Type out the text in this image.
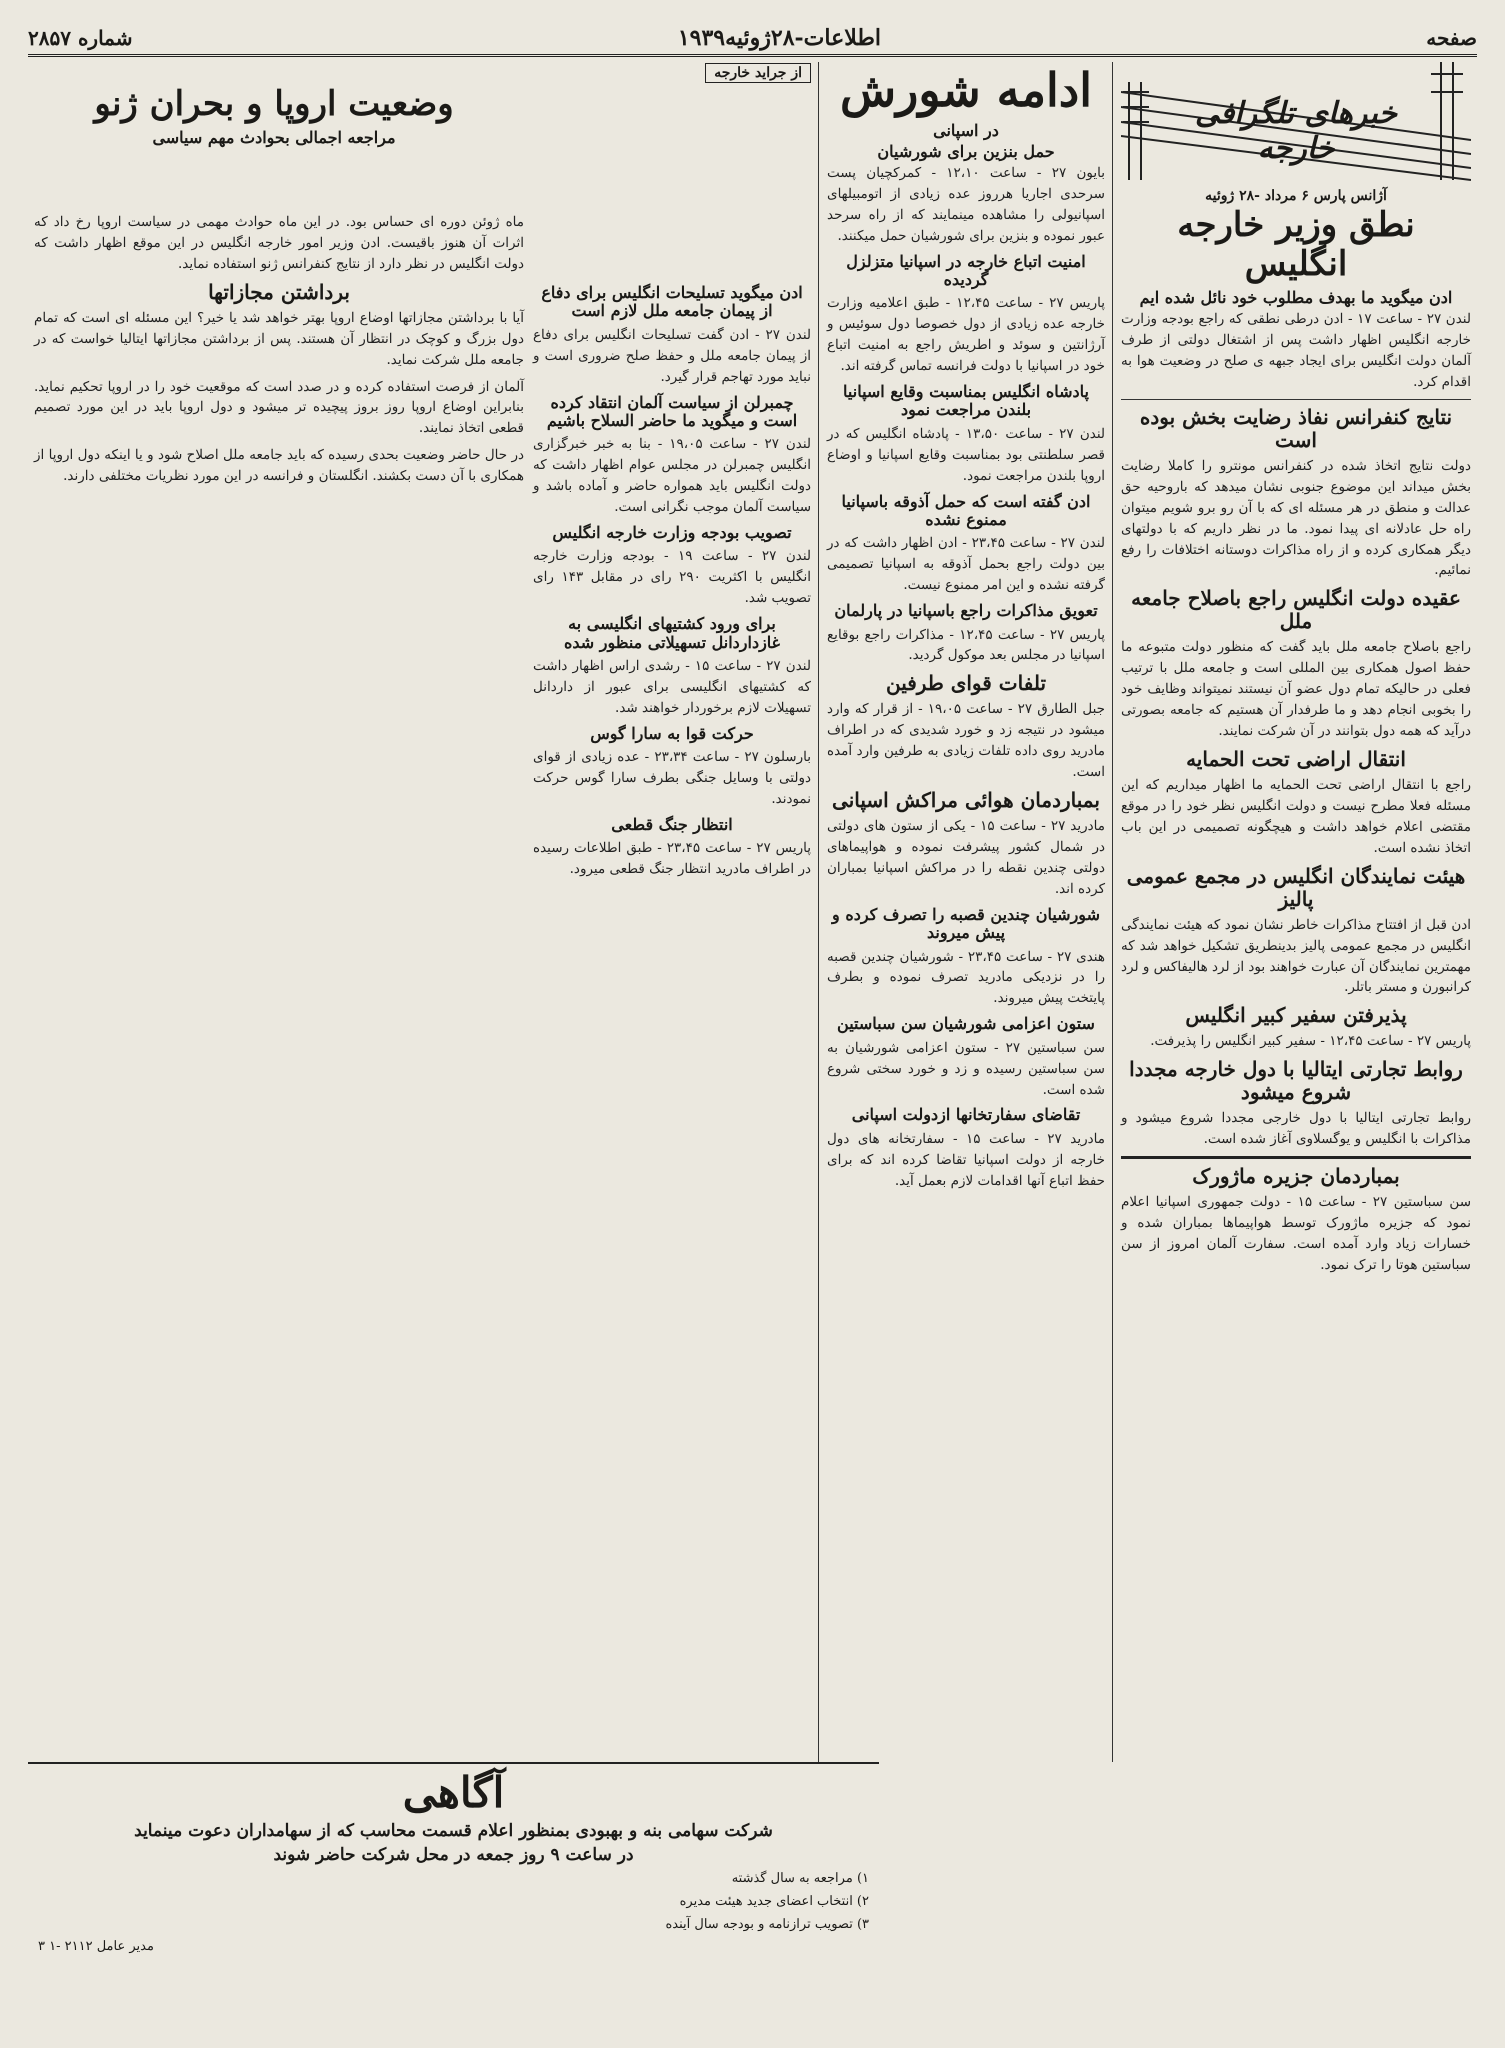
صفحه
اطلاعات-۲۸ژوئیه۱۹۳۹
شماره ۲۸۵۷
خبرهای تلگرافی خارجه
آژانس پارس ۶ مرداد -۲۸ ژوئیه
نطق وزیر خارجه انگلیس
ادن میگوید ما بهدف مطلوب خود نائل شده ایم

لندن ۲۷ - ساعت ۱۷ - ادن درطی نطقی که راجع بودجه وزارت خارجه انگلیس اظهار داشت پس از اشتغال دولتی از طرف آلمان دولت انگلیس برای ایجاد جبهه ی صلح در وضعیت هوا به اقدام کرد.

نتایج کنفرانس نفاذ رضایت بخش بوده است

دولت نتایج اتخاذ شده در کنفرانس مونترو را کاملا رضایت بخش میداند این موضوع جنوبی نشان میدهد که باروحیه حق عدالت و منطق در هر مسئله ای که با آن رو برو شویم میتوان راه حل عادلانه ای پیدا نمود. ما در نظر داریم که با دولتهای دیگر همکاری کرده و از راه مذاکرات دوستانه اختلافات را رفع نمائیم.

عقیده دولت انگلیس راجع باصلاح جامعه ملل

راجع باصلاح جامعه ملل باید گفت که منظور دولت متبوعه ما حفظ اصول همکاری بین المللی است و جامعه ملل با ترتیب فعلی در حالیکه تمام دول عضو آن نیستند نمیتواند وظایف خود را بخوبی انجام دهد و ما طرفدار آن هستیم که جامعه بصورتی درآید که همه دول بتوانند در آن شرکت نمایند.

انتقال اراضی تحت الحمایه

راجع با انتقال اراضی تحت الحمایه ما اظهار میداریم که این مسئله فعلا مطرح نیست و دولت انگلیس نظر خود را در موقع مقتضی اعلام خواهد داشت و هیچگونه تصمیمی در این باب اتخاذ نشده است.

هیئت نمایندگان انگلیس در مجمع عمومی پالیز

ادن قبل از افتتاح مذاکرات خاطر نشان نمود که هیئت نمایندگی انگلیس در مجمع عمومی پالیز بدینطریق تشکیل خواهد شد که مهمترین نمایندگان آن عبارت خواهند بود از لرد هالیفاکس و لرد کرانبورن و مستر باتلر.

پذیرفتن سفیر کبیر انگلیس

پاریس ۲۷ - ساعت ۱۲،۴۵ - سفیر کبیر انگلیس را پذیرفت.

روابط تجارتی ایتالیا با دول خارجه مجددا شروع میشود

روابط تجارتی ایتالیا با دول خارجی مجددا شروع میشود و مذاکرات با انگلیس و یوگسلاوی آغاز شده است.

بمباردمان جزیره ماژورک

سن سباستین ۲۷ - ساعت ۱۵ - دولت جمهوری اسپانیا اعلام نمود که جزیره ماژورک توسط هواپیماها بمباران شده و خسارات زیاد وارد آمده است. سفارت آلمان امروز از سن سباستین هوتا را ترک نمود.

ادامه شورش
در اسپانی
حمل بنزین برای شورشیان

بایون ۲۷ - ساعت ۱۲،۱۰ - کمرکچیان پست سرحدی اجاریا هرروز عده زیادی از اتومبیلهای اسپانیولی را مشاهده مینمایند که از راه سرحد عبور نموده و بنزین برای شورشیان حمل میکنند.

امنیت اتباع خارجه در اسپانیا متزلزل گردیده

پاریس ۲۷ - ساعت ۱۲،۴۵ - طبق اعلامیه وزارت خارجه عده زیادی از دول خصوصا دول سوئیس و آرژانتین و سوئد و اطریش راجع به امنیت اتباع خود در اسپانیا با دولت فرانسه تماس گرفته اند.

پادشاه انگلیس بمناسبت وقایع اسپانیا بلندن مراجعت نمود

لندن ۲۷ - ساعت ۱۳،۵۰ - پادشاه انگلیس که در قصر سلطنتی بود بمناسبت وقایع اسپانیا و اوضاع اروپا بلندن مراجعت نمود.

ادن گفته است که حمل آذوقه باسپانیا ممنوع نشده

لندن ۲۷ - ساعت ۲۳،۴۵ - ادن اظهار داشت که در بین دولت راجع بحمل آذوقه به اسپانیا تصمیمی گرفته نشده و این امر ممنوع نیست.

تعویق مذاکرات راجع باسپانیا در پارلمان

پاریس ۲۷ - ساعت ۱۲،۴۵ - مذاکرات راجع بوقایع اسپانیا در مجلس بعد موکول گردید.

تلفات قوای طرفین

جبل الطارق ۲۷ - ساعت ۱۹،۰۵ - از قرار که وارد میشود در نتیجه زد و خورد شدیدی که در اطراف مادرید روی داده تلفات زیادی به طرفین وارد آمده است.

بمباردمان هوائی مراکش اسپانی

مادرید ۲۷ - ساعت ۱۵ - یکی از ستون های دولتی در شمال کشور پیشرفت نموده و هواپیماهای دولتی چندین نقطه را در مراکش اسپانیا بمباران کرده اند.

شورشیان چندین قصبه را تصرف کرده و پیش میروند

هندی ۲۷ - ساعت ۲۳،۴۵ - شورشیان چندین قصبه را در نزدیکی مادرید تصرف نموده و بطرف پایتخت پیش میروند.

ستون اعزامی شورشیان سن سباستین

سن سباستین ۲۷ - ستون اعزامی شورشیان به سن سباستین رسیده و زد و خورد سختی شروع شده است.

تقاضای سفارتخانها ازدولت اسپانی

مادرید ۲۷ - ساعت ۱۵ - سفارتخانه های دول خارجه از دولت اسپانیا تقاضا کرده اند که برای حفظ اتباع آنها اقدامات لازم بعمل آید.

ادن میگوید تسلیحات انگلیس برای دفاع از پیمان جامعه ملل لازم است

لندن ۲۷ - ادن گفت تسلیحات انگلیس برای دفاع از پیمان جامعه ملل و حفظ صلح ضروری است و نباید مورد تهاجم قرار گیرد.

چمبرلن از سیاست آلمان انتقاد کرده است و میگوید ما حاضر السلاح باشیم

لندن ۲۷ - ساعت ۱۹،۰۵ - بنا به خبر خبرگزاری انگلیس چمبرلن در مجلس عوام اظهار داشت که دولت انگلیس باید همواره حاضر و آماده باشد و سیاست آلمان موجب نگرانی است.

تصویب بودجه وزارت خارجه انگلیس

لندن ۲۷ - ساعت ۱۹ - بودجه وزارت خارجه انگلیس با اکثریت ۲۹۰ رای در مقابل ۱۴۳ رای تصویب شد.

برای ورود کشتیهای انگلیسی به غازداردانل تسهیلاتی منظور شده

لندن ۲۷ - ساعت ۱۵ - رشدی اراس اظهار داشت که کشتیهای انگلیسی برای عبور از داردانل تسهیلات لازم برخوردار خواهند شد.

حرکت قوا به سارا گوس

بارسلون ۲۷ - ساعت ۲۳،۳۴ - عده زیادی از قوای دولتی با وسایل جنگی بطرف سارا گوس حرکت نمودند.

انتظار جنگ قطعی

پاریس ۲۷ - ساعت ۲۳،۴۵ - طبق اطلاعات رسیده در اطراف مادرید انتظار جنگ قطعی میرود.

از جراید خارجه
وضعیت اروپا و بحران ژنو
مراجعه اجمالی بحوادث مهم سیاسی

ماه ژوئن دوره ای حساس بود. در این ماه حوادث مهمی در سیاست اروپا رخ داد که اثرات آن هنوز باقیست. ادن وزیر امور خارجه انگلیس در این موقع اظهار داشت که دولت انگلیس در نظر دارد از نتایج کنفرانس ژنو استفاده نماید.

برداشتن مجازاتها

آیا با برداشتن مجازاتها اوضاع اروپا بهتر خواهد شد یا خیر؟ این مسئله ای است که تمام دول بزرگ و کوچک در انتظار آن هستند. پس از برداشتن مجازاتها ایتالیا خواست که در جامعه ملل شرکت نماید.

آلمان از فرصت استفاده کرده و در صدد است که موقعیت خود را در اروپا تحکیم نماید. بنابراین اوضاع اروپا روز بروز پیچیده تر میشود و دول اروپا باید در این مورد تصمیم قطعی اتخاذ نمایند.

در حال حاضر وضعیت بحدی رسیده که باید جامعه ملل اصلاح شود و یا اینکه دول اروپا از همکاری با آن دست بکشند. انگلستان و فرانسه در این مورد نظریات مختلفی دارند.

آگاهی
شرکت سهامی بنه و بهبودی بمنظور اعلام قسمت محاسب که از سهامداران دعوت مینماید
در ساعت ۹ روز جمعه در محل شرکت حاضر شوند
۱) مراجعه به سال گذشته
۲) انتخاب اعضای جدید هیئت مدیره
۳) تصویب ترازنامه و بودجه سال آینده
مدیر عامل ۲۱۱۲ -۱ ۳
